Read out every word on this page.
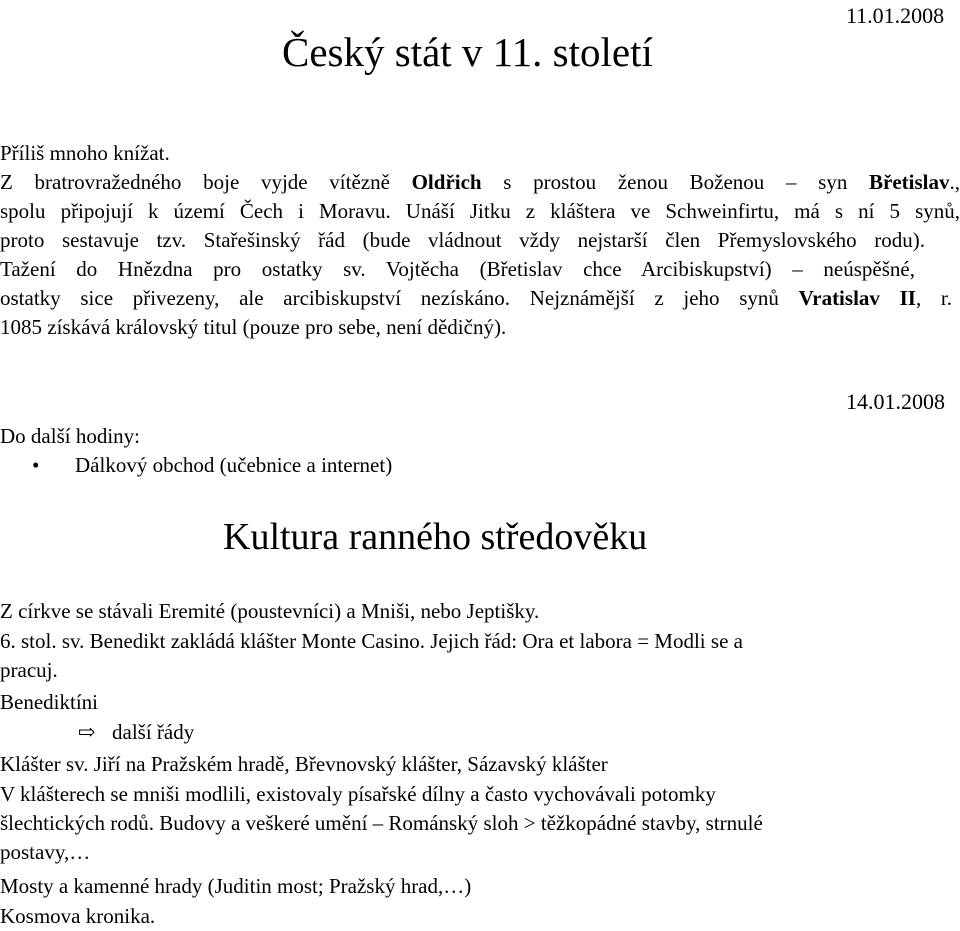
11.01.2008
Český stát v 11. století
Příliš mnoho knížat.
Z bratrovražedného boje vyjde vítězně Oldřich s prostou ženou Boženou – syn Břetislav.,
spolu připojují k území Čech i Moravu. Unáší Jitku z kláštera ve Schweinfirtu, má s ní 5 synů,
proto sestavuje tzv. Stařešinský řád (bude vládnout vždy nejstarší člen Přemyslovského rodu).
Tažení do Hnězdna pro ostatky sv. Vojtěcha (Břetislav chce Arcibiskupství) – neúspěšné,
ostatky sice přivezeny, ale arcibiskupství nezískáno. Nejznámější z jeho synů Vratislav II, r.
1085 získává královský titul (pouze pro sebe, není dědičný).
14.01.2008
Do další hodiny:
• Dálkový obchod (učebnice a internet)
Kultura ranného středověku
Z církve se stávali Eremité (poustevníci) a Mniši, nebo Jeptišky.
6. stol. sv. Benedikt zakládá klášter Monte Casino. Jejich řád: Ora et labora = Modli se a
pracuj.
Benediktíni
⇨ další řády
Klášter sv. Jiří na Pražském hradě, Břevnovský klášter, Sázavský klášter
V klášterech se mniši modlili, existovaly písařské dílny a často vychovávali potomky
šlechtických rodů. Budovy a veškeré umění – Románský sloh > těžkopádné stavby, strnulé
postavy,…
Mosty a kamenné hrady (Juditin most; Pražský hrad,…)
Kosmova kronika.
